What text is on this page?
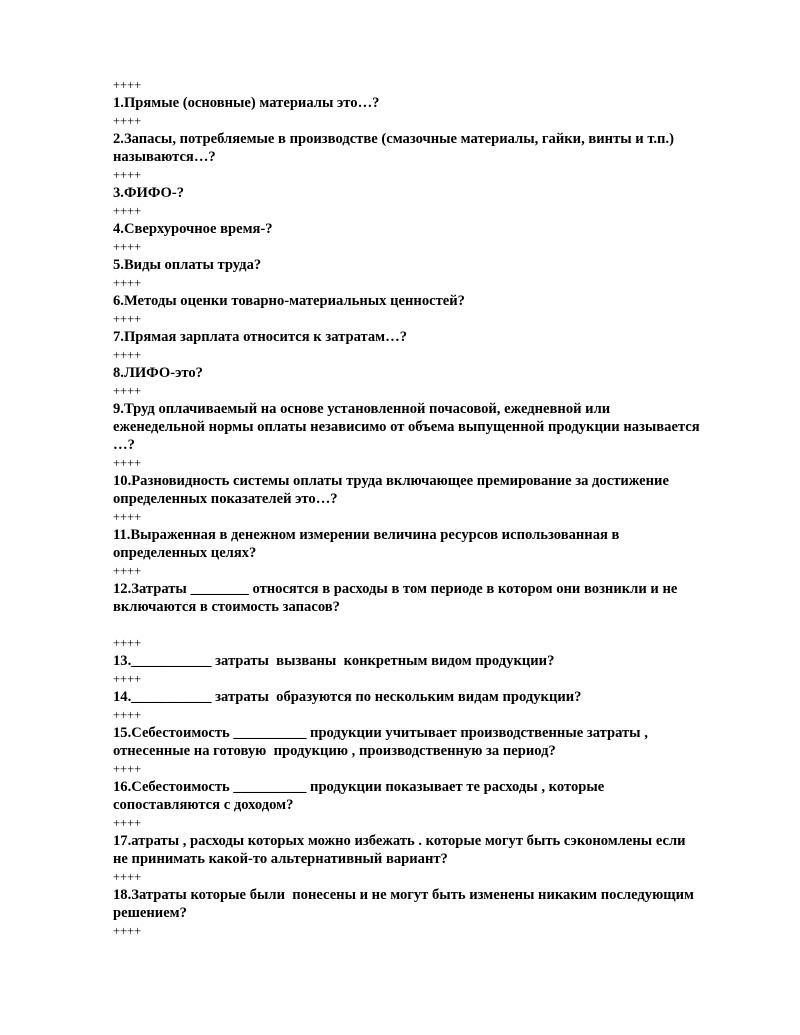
++++
1.Прямые (основные) материалы это…?
++++
2.Запасы, потребляемые в производстве (смазочные материалы, гайки, винты и т.п.)
называются…?
++++
3.ФИФО-?
++++
4.Сверхурочное время-?
++++
5.Виды оплаты труда?
++++
6.Методы оценки товарно-материальных ценностей?
++++
7.Прямая зарплата относится к затратам…?
++++
8.ЛИФО-это?
++++
9.Труд оплачиваемый на основе установленной почасовой, ежедневной или
еженедельной нормы оплаты независимо от объема выпущенной продукции называется
…?
++++
10.Разновидность системы оплаты труда включающее премирование за достижение
определенных показателей это…?
++++
11.Выраженная в денежном измерении величина ресурсов использованная в
определенных целях?
++++
12.Затраты ________ относятся в расходы в том периоде в котором они возникли и не
включаются в стоимость запасов?
++++
13.___________ затраты  вызваны  конкретным видом продукции?
++++
14.___________ затраты  образуются по нескольким видам продукции?
++++
15.Себестоимость __________ продукции учитывает производственные затраты ,
отнесенные на готовую  продукцию , производственную за период?
++++
16.Себестоимость __________ продукции показывает те расходы , которые
сопоставляются с доходом?
++++
17.атраты , расходы которых можно избежать . которые могут быть сэкономлены если
не принимать какой-то альтернативный вариант?
++++
18.Затраты которые были  понесены и не могут быть изменены никаким последующим
решением?
++++
